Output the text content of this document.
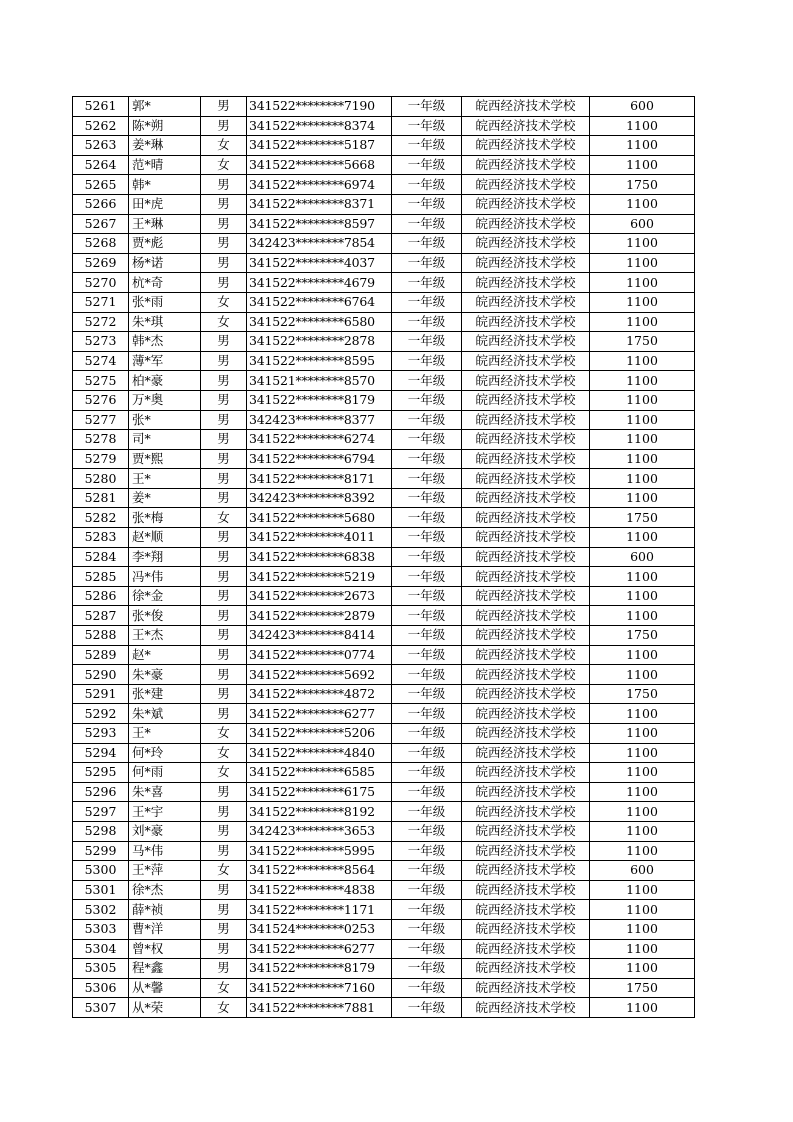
5261	郭*	男	341522********7190	一年级	皖西经济技术学校	600
5262	陈*朔	男	341522********8374	一年级	皖西经济技术学校	1100
5263	姜*琳	女	341522********5187	一年级	皖西经济技术学校	1100
5264	范*晴	女	341522********5668	一年级	皖西经济技术学校	1100
5265	韩*	男	341522********6974	一年级	皖西经济技术学校	1750
5266	田*虎	男	341522********8371	一年级	皖西经济技术学校	1100
5267	王*琳	男	341522********8597	一年级	皖西经济技术学校	600
5268	贾*彪	男	342423********7854	一年级	皖西经济技术学校	1100
5269	杨*诺	男	341522********4037	一年级	皖西经济技术学校	1100
5270	杭*奇	男	341522********4679	一年级	皖西经济技术学校	1100
5271	张*雨	女	341522********6764	一年级	皖西经济技术学校	1100
5272	朱*琪	女	341522********6580	一年级	皖西经济技术学校	1100
5273	韩*杰	男	341522********2878	一年级	皖西经济技术学校	1750
5274	薄*军	男	341522********8595	一年级	皖西经济技术学校	1100
5275	柏*豪	男	341521********8570	一年级	皖西经济技术学校	1100
5276	万*奥	男	341522********8179	一年级	皖西经济技术学校	1100
5277	张*	男	342423********8377	一年级	皖西经济技术学校	1100
5278	司*	男	341522********6274	一年级	皖西经济技术学校	1100
5279	贾*熙	男	341522********6794	一年级	皖西经济技术学校	1100
5280	王*	男	341522********8171	一年级	皖西经济技术学校	1100
5281	姜*	男	342423********8392	一年级	皖西经济技术学校	1100
5282	张*梅	女	341522********5680	一年级	皖西经济技术学校	1750
5283	赵*顺	男	341522********4011	一年级	皖西经济技术学校	1100
5284	李*翔	男	341522********6838	一年级	皖西经济技术学校	600
5285	冯*伟	男	341522********5219	一年级	皖西经济技术学校	1100
5286	徐*金	男	341522********2673	一年级	皖西经济技术学校	1100
5287	张*俊	男	341522********2879	一年级	皖西经济技术学校	1100
5288	王*杰	男	342423********8414	一年级	皖西经济技术学校	1750
5289	赵*	男	341522********0774	一年级	皖西经济技术学校	1100
5290	朱*豪	男	341522********5692	一年级	皖西经济技术学校	1100
5291	张*建	男	341522********4872	一年级	皖西经济技术学校	1750
5292	朱*斌	男	341522********6277	一年级	皖西经济技术学校	1100
5293	王*	女	341522********5206	一年级	皖西经济技术学校	1100
5294	何*玲	女	341522********4840	一年级	皖西经济技术学校	1100
5295	何*雨	女	341522********6585	一年级	皖西经济技术学校	1100
5296	朱*喜	男	341522********6175	一年级	皖西经济技术学校	1100
5297	王*宇	男	341522********8192	一年级	皖西经济技术学校	1100
5298	刘*豪	男	342423********3653	一年级	皖西经济技术学校	1100
5299	马*伟	男	341522********5995	一年级	皖西经济技术学校	1100
5300	王*萍	女	341522********8564	一年级	皖西经济技术学校	600
5301	徐*杰	男	341522********4838	一年级	皖西经济技术学校	1100
5302	薛*祯	男	341522********1171	一年级	皖西经济技术学校	1100
5303	曹*洋	男	341524********0253	一年级	皖西经济技术学校	1100
5304	曾*权	男	341522********6277	一年级	皖西经济技术学校	1100
5305	程*鑫	男	341522********8179	一年级	皖西经济技术学校	1100
5306	从*馨	女	341522********7160	一年级	皖西经济技术学校	1750
5307	从*荣	女	341522********7881	一年级	皖西经济技术学校	1100
